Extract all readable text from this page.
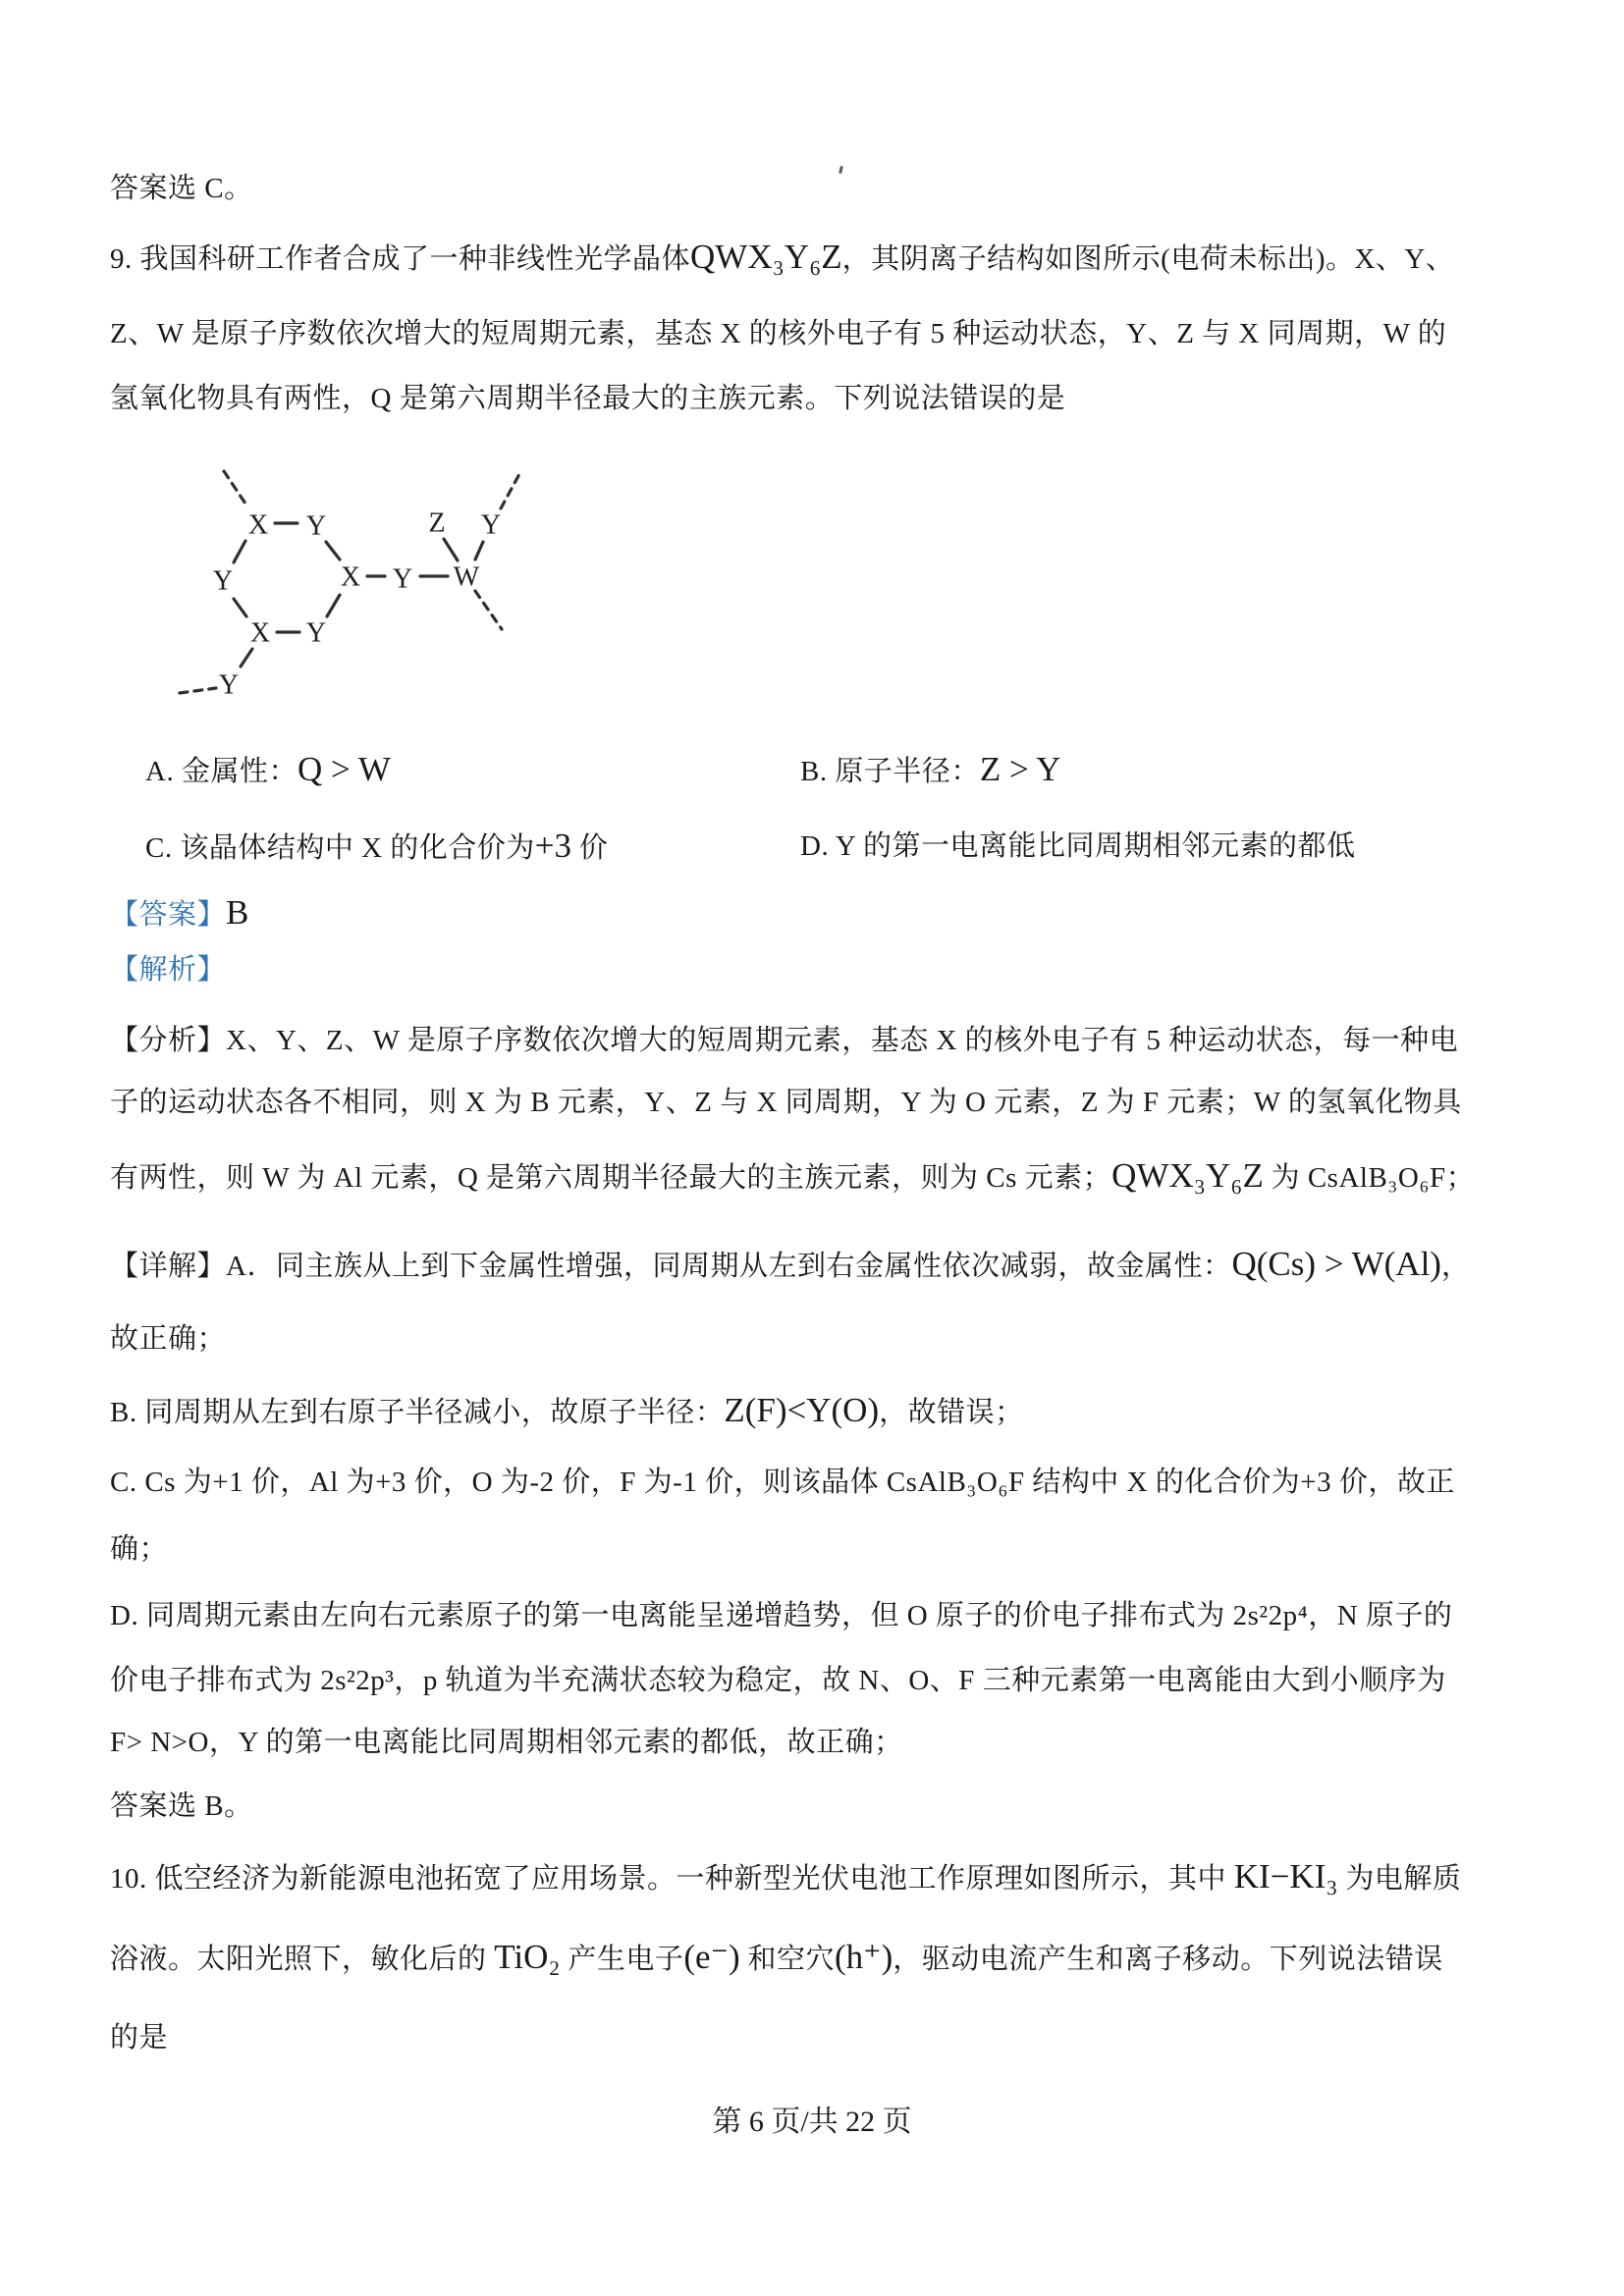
答案选 C。
9. 我国科研工作者合成了一种非线性光学晶体QWX₃Y₆Z，其阴离子结构如图所示(电荷未标出)。X、Y、
Z、W 是原子序数依次增大的短周期元素，基态 X 的核外电子有 5 种运动状态，Y、Z 与 X 同周期，W 的
氢氧化物具有两性，Q 是第六周期半径最大的主族元素。下列说法错误的是
X Y
Y	X Y W
Z Y
X Y
Y
A. 金属性：Q > W	B. 原子半径：Z > Y
C. 该晶体结构中 X 的化合价为+3 价	D. Y 的第一电离能比同周期相邻元素的都低
【答案】B
【解析】
【分析】X、Y、Z、W 是原子序数依次增大的短周期元素，基态 X 的核外电子有 5 种运动状态，每一种电
子的运动状态各不相同，则 X 为 B 元素，Y、Z 与 X 同周期，Y 为 O 元素，Z 为 F 元素；W 的氢氧化物具
有两性，则 W 为 Al 元素，Q 是第六周期半径最大的主族元素，则为 Cs 元素；QWX₃Y₆Z 为 CsAlB₃O₆F；
【详解】A．同主族从上到下金属性增强，同周期从左到右金属性依次减弱，故金属性：Q(Cs) > W(Al)，
故正确；
B. 同周期从左到右原子半径减小，故原子半径：Z(F)<Y(O)，故错误；
C. Cs 为+1 价，Al 为+3 价，O 为-2 价，F 为-1 价，则该晶体 CsAlB₃O₆F 结构中 X 的化合价为+3 价，故正
确；
D. 同周期元素由左向右元素原子的第一电离能呈递增趋势，但 O 原子的价电子排布式为 2s²2p⁴，N 原子的
价电子排布式为 2s²2p³，p 轨道为半充满状态较为稳定，故 N、O、F 三种元素第一电离能由大到小顺序为
F> N>O，Y 的第一电离能比同周期相邻元素的都低，故正确；
答案选 B。
10. 低空经济为新能源电池拓宽了应用场景。一种新型光伏电池工作原理如图所示，其中 KI−KI₃ 为电解质
浴液。太阳光照下，敏化后的 TiO₂ 产生电子(e⁻) 和空穴(h⁺)，驱动电流产生和离子移动。下列说法错误
的是
第 6 页/共 22 页
